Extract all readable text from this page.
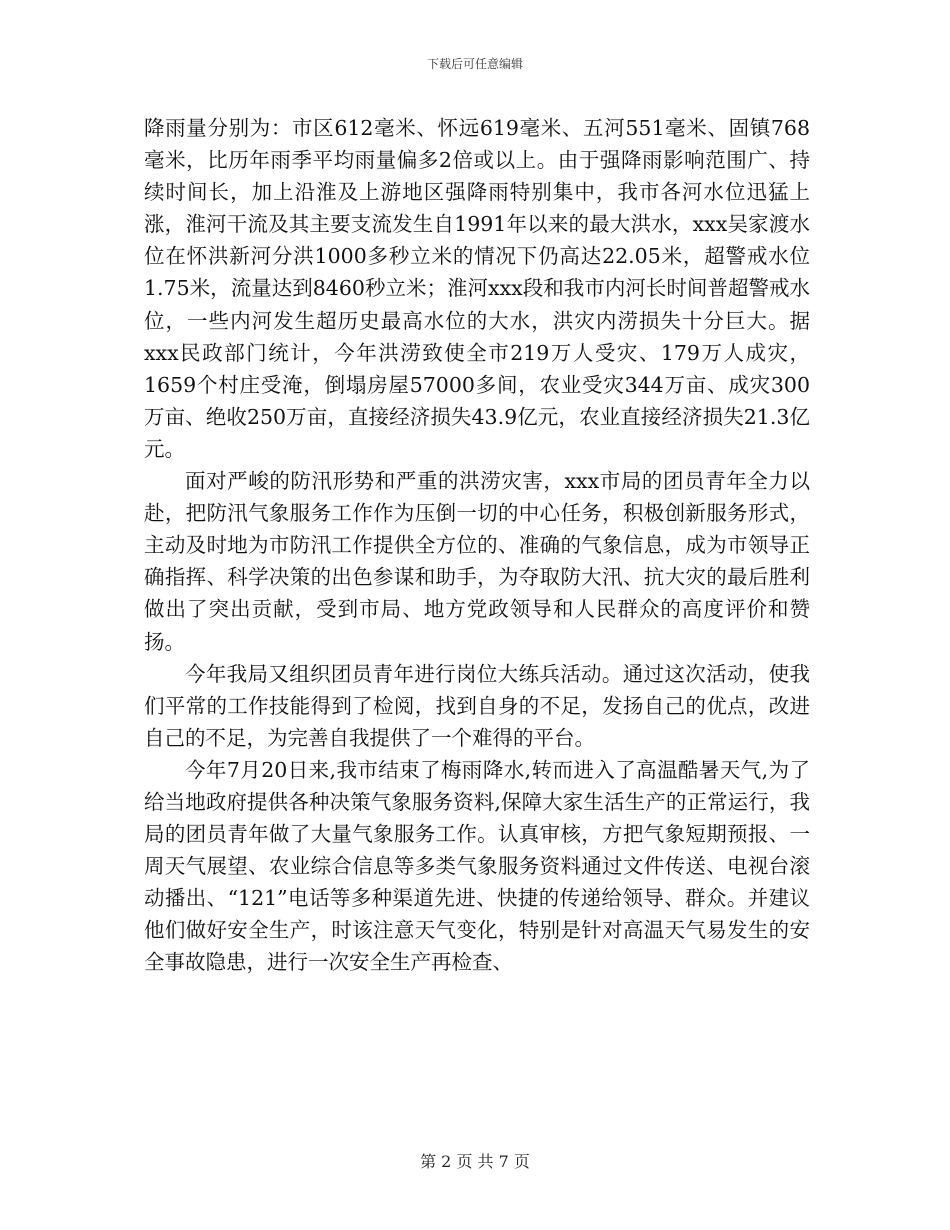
下载后可任意编辑

降雨量分别为：市区612毫米、怀远619毫米、五河551毫米、固镇768毫米，比历年雨季平均雨量偏多2倍或以上。由于强降雨影响范围广、持续时间长，加上沿淮及上游地区强降雨特别集中，我市各河水位迅猛上涨，淮河干流及其主要支流发生自1991年以来的最大洪水，xxx吴家渡水位在怀洪新河分洪1000多秒立米的情况下仍高达22.05米，超警戒水位1.75米，流量达到8460秒立米；淮河xxx段和我市内河长时间普超警戒水位，一些内河发生超历史最高水位的大水，洪灾内涝损失十分巨大。据xxx民政部门统计，今年洪涝致使全市219万人受灾、179万人成灾，1659个村庄受淹，倒塌房屋57000多间，农业受灾344万亩、成灾300万亩、绝收250万亩，直接经济损失43.9亿元，农业直接经济损失21.3亿元。

面对严峻的防汛形势和严重的洪涝灾害，xxx市局的团员青年全力以赴，把防汛气象服务工作作为压倒一切的中心任务，积极创新服务形式，主动及时地为市防汛工作提供全方位的、准确的气象信息，成为市领导正确指挥、科学决策的出色参谋和助手，为夺取防大汛、抗大灾的最后胜利做出了突出贡献，受到市局、地方党政领导和人民群众的高度评价和赞扬。

今年我局又组织团员青年进行岗位大练兵活动。通过这次活动，使我们平常的工作技能得到了检阅，找到自身的不足，发扬自己的优点，改进自己的不足，为完善自我提供了一个难得的平台。

今年7月20日来,我市结束了梅雨降水,转而进入了高温酷暑天气,为了给当地政府提供各种决策气象服务资料,保障大家生活生产的正常运行，我局的团员青年做了大量气象服务工作。认真审核，方把气象短期预报、一周天气展望、农业综合信息等多类气象服务资料通过文件传送、电视台滚动播出、“121”电话等多种渠道先进、快捷的传递给领导、群众。并建议他们做好安全生产，时该注意天气变化，特别是针对高温天气易发生的安全事故隐患，进行一次安全生产再检查、

第 2 页 共 7 页
